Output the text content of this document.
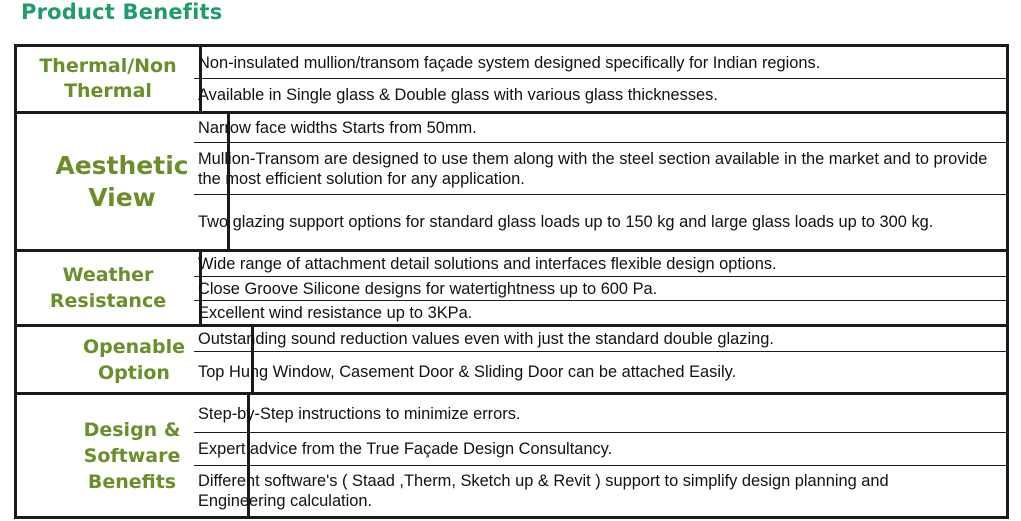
Product Benefits
Thermal/Non Thermal
Non-insulated mullion/transom façade system designed specifically for Indian regions.
Available in Single glass & Double glass with various glass thicknesses.
Aesthetic View
Narrow face widths Starts from 50mm.
Mullion-Transom are designed to use them along with the steel section available in the market and to provide the most efficient solution for any application.
Two glazing support options for standard glass loads up to 150 kg and large glass loads up to 300 kg.
Weather Resistance
Wide range of attachment detail solutions and interfaces flexible design options.
Close Groove Silicone designs for watertightness up to 600 Pa.
Excellent wind resistance up to 3KPa.
Openable Option
Outstanding sound reduction values even with just the standard double glazing.
Top Hung Window, Casement Door & Sliding Door can be attached Easily.
Design & Software Benefits
Step-by-Step instructions to minimize errors.
Expert advice from the True Façade Design Consultancy.
Different software's ( Staad ,Therm, Sketch up & Revit ) support to simplify design planning and Engineering calculation.
